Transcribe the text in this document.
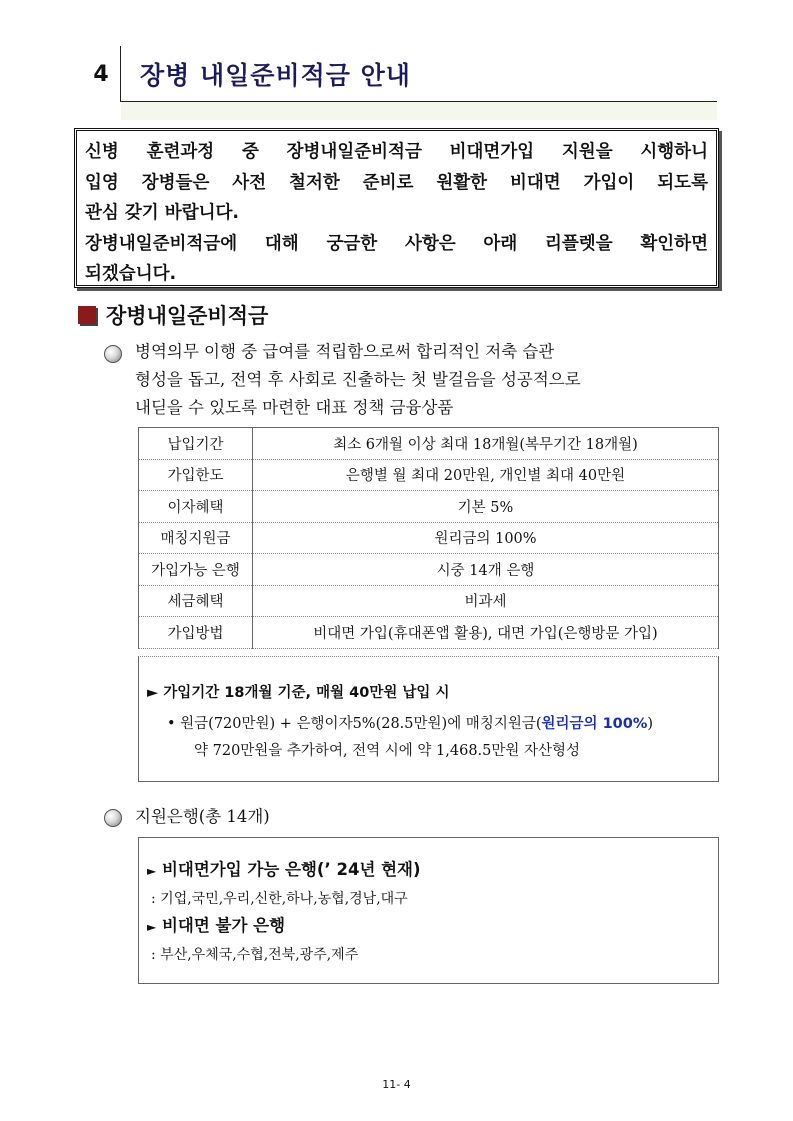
4 장병 내일준비적금 안내

신병 훈련과정 중 장병내일준비적금 비대면가입 지원을 시행하니

입영 장병들은 사전 철저한 준비로 원활한 비대면 가입이 되도록

관심 갖기 바랍니다.

장병내일준비적금에 대해 궁금한 사항은 아래 리플렛을 확인하면

되겠습니다.

장병내일준비적금

병역의무 이행 중 급여를 적립함으로써 합리적인 저축 습관

형성을 돕고, 전역 후 사회로 진출하는 첫 발걸음을 성공적으로

내딛을 수 있도록 마련한 대표 정책 금융상품

납입기간	최소 6개월 이상 최대 18개월(복무기간 18개월)
가입한도	은행별 월 최대 20만원, 개인별 최대 40만원
이자혜택	기본 5%
매칭지원금	원리금의 100%
가입가능 은행	시중 14개 은행
세금혜택	비과세
가입방법	비대면 가입(휴대폰앱 활용), 대면 가입(은행방문 가입)
► 가입기간 18개월 기준, 매월 40만원 납입 시
• 원금(720만원) + 은행이자5%(28.5만원)에 매칭지원금(원리금의 100%)
약 720만원을 추가하여, 전역 시에 약 1,468.5만원 자산형성
지원은행(총 14개)
► 비대면가입 가능 은행(’ 24년 현재)
: 기업,국민,우리,신한,하나,농협,경남,대구
► 비대면 불가 은행
: 부산,우체국,수협,전북,광주,제주
11- 4
